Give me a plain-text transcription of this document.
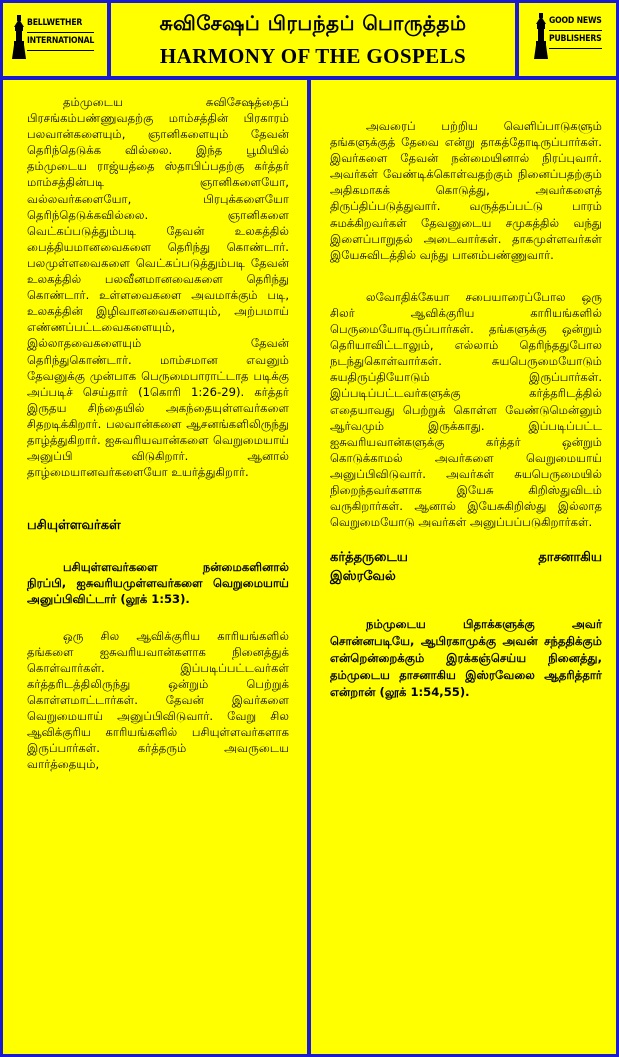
BELLWETHER
INTERNATIONAL
சுவிசேஷப் பிரபந்தப் பொருத்தம்
HARMONY OF THE GOSPELS
GOOD NEWS
PUBLISHERS

தம்முடைய சுவிசேஷத்தைப் பிரசங்கம்பண்ணுவதற்கு மாம்சத்தின் பிரகாரம் பலவான்களையும், ஞானிகளையும் தேவன் தெரிந்தெடுக்க வில்லை. இந்த பூமியில் தம்முடைய ராஜ்யத்தை ஸ்தாபிப்பதற்கு கர்த்தர் மாம்சத்தின்படி ஞானிகளையோ, வல்லவர்களையோ, பிரபுக்களையோ தெரிந்தெடுக்கவில்லை. ஞானிகளை வெட்கப்படுத்தும்படி தேவன் உலகத்தில் பைத்தியமானவைகளை தெரிந்து கொண்டார். பலமுள்ளவைகளை வெட்கப்படுத்தும்படி தேவன் உலகத்தில் பலவீனமானவைகளை தெரிந்து கொண்டார். உள்ளவைகளை அவமாக்கும் படி, உலகத்தின் இழிவானவைகளையும், அற்பமாய் எண்ணப்பட்டவைகளையும், இல்லாதவைகளையும் தேவன் தெரிந்துகொண்டார். மாம்சமான எவனும் தேவனுக்கு முன்பாக பெருமைபாராட்டாத படிக்கு அப்படிச் செய்தார் (1கொரி 1:26-29). கர்த்தர் இருதய சிந்தையில் அகந்தையுள்ளவர்களை சிதறடிக்கிறார். பலவான்களை ஆசனங்களிலிருந்து தாழ்த்துகிறார். ஐசுவரியவான்களை வெறுமையாய் அனுப்பி விடுகிறார். ஆனால் தாழ்மையானவர்களையோ உயர்த்துகிறார்.

பசியுள்ளவர்கள்

பசியுள்ளவர்களை நன்மைகளினால் நிரப்பி, ஐசுவரியமுள்ளவர்களை வெறுமையாய் அனுப்பிவிட்டார் (லூக் 1:53).

ஒரு சில ஆவிக்குரிய காரியங்களில் தங்களை ஐசுவரியவான்களாக நினைத்துக் கொள்வார்கள். இப்படிப்பட்டவர்கள் கர்த்தரிடத்திலிருந்து ஒன்றும் பெற்றுக் கொள்ளமாட்டார்கள். தேவன் இவர்களை வெறுமையாய் அனுப்பிவிடுவார். வேறு சில ஆவிக்குரிய காரியங்களில் பசியுள்ளவர்களாக இருப்பார்கள். கர்த்தரும் அவருடைய வார்த்தையும்,

அவரைப் பற்றிய வெளிப்பாடுகளும் தங்களுக்குத் தேவை என்று தாகத்தோடிருப்பார்கள். இவர்களை தேவன் நன்மையினால் நிரப்புவார். அவர்கள் வேண்டிக்கொள்வதற்கும் நினைப்பதற்கும் அதிகமாகக் கொடுத்து, அவர்களைத் திருப்திப்படுத்துவார். வருத்தப்பட்டு பாரம் சுமக்கிறவர்கள் தேவனுடைய சமுகத்தில் வந்து இளைப்பாறுதல் அடைவார்கள். தாகமுள்ளவர்கள் இயேசுவிடத்தில் வந்து பானம்பண்ணுவார்.

லவோதிக்கேயா சபையாரைப்போல ஒரு சிலர் ஆவிக்குரிய காரியங்களில் பெருமையோடிருப்பார்கள். தங்களுக்கு ஒன்றும் தெரியாவிட்டாலும், எல்லாம் தெரிந்ததுபோல நடந்துகொள்வார்கள். சுயபெருமையோடும் சுயதிருப்தியோடும் இருப்பார்கள். இப்படிப்பட்டவர்களுக்கு கர்த்தரிடத்தில் எதையாவது பெற்றுக் கொள்ள வேண்டுமென்னும் ஆர்வமும் இருக்காது. இப்படிப்பட்ட ஐசுவரியவான்களுக்கு கர்த்தர் ஒன்றும் கொடுக்காமல் அவர்களை வெறுமையாய் அனுப்பிவிடுவார். அவர்கள் சுயபெருமையில் நிறைந்தவர்களாக இயேசு கிறிஸ்துவிடம் வருகிறார்கள். ஆனால் இயேசுகிறிஸ்து இல்லாத வெறுமையோடு அவர்கள் அனுப்பப்படுகிறார்கள்.

கர்த்தருடைய தாசனாகிய
இஸ்ரவேல்

நம்முடைய பிதாக்களுக்கு அவர் சொன்னபடியே, ஆபிரகாமுக்கு அவன் சந்ததிக்கும் என்றென்றைக்கும் இரக்கஞ்செய்ய நினைத்து, தம்முடைய தாசனாகிய இஸ்ரவேலை ஆதரித்தார் என்றான் (லூக் 1:54,55).
